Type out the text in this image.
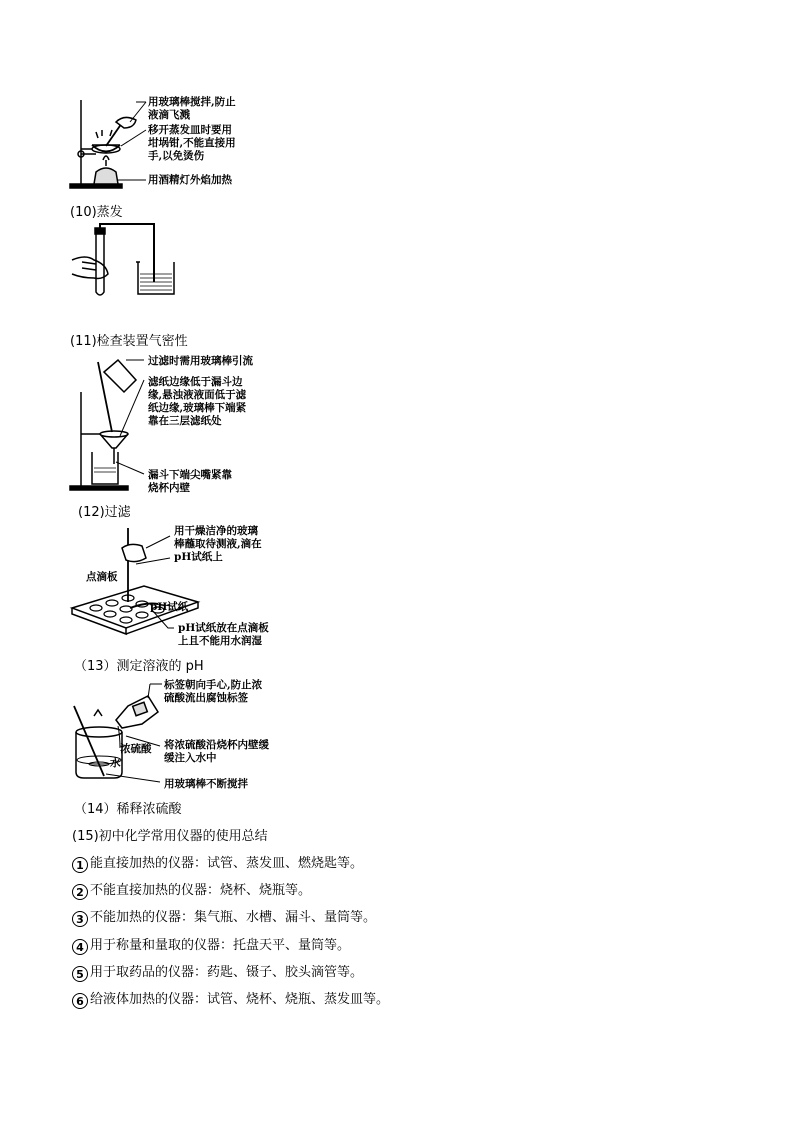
用玻璃棒搅拌,防止
液滴飞溅
移开蒸发皿时要用
坩埚钳,不能直接用
手,以免烫伤
用酒精灯外焰加热
(10)蒸发
(11)检查装置气密性
过滤时需用玻璃棒引流
滤纸边缘低于漏斗边
缘,悬浊液液面低于滤
纸边缘,玻璃棒下端紧
靠在三层滤纸处
漏斗下端尖嘴紧靠
烧杯内壁
(12)过滤
用干燥洁净的玻璃
棒蘸取待测液,滴在
pH试纸上
点滴板
pH试纸
pH试纸放在点滴板
上且不能用水润湿
（13）测定溶液的 pH
标签朝向手心,防止浓
硫酸流出腐蚀标签
浓硫酸 将浓硫酸沿烧杯内壁缓
缓注入水中
水
用玻璃棒不断搅拌
（14）稀释浓硫酸
(15)初中化学常用仪器的使用总结
1 能直接加热的仪器：试管、蒸发皿、燃烧匙等。
2 不能直接加热的仪器：烧杯、烧瓶等。
3 不能加热的仪器：集气瓶、水槽、漏斗、量筒等。
4 用于称量和量取的仪器：托盘天平、量筒等。
5 用于取药品的仪器：药匙、镊子、胶头滴管等。
6 给液体加热的仪器：试管、烧杯、烧瓶、蒸发皿等。
